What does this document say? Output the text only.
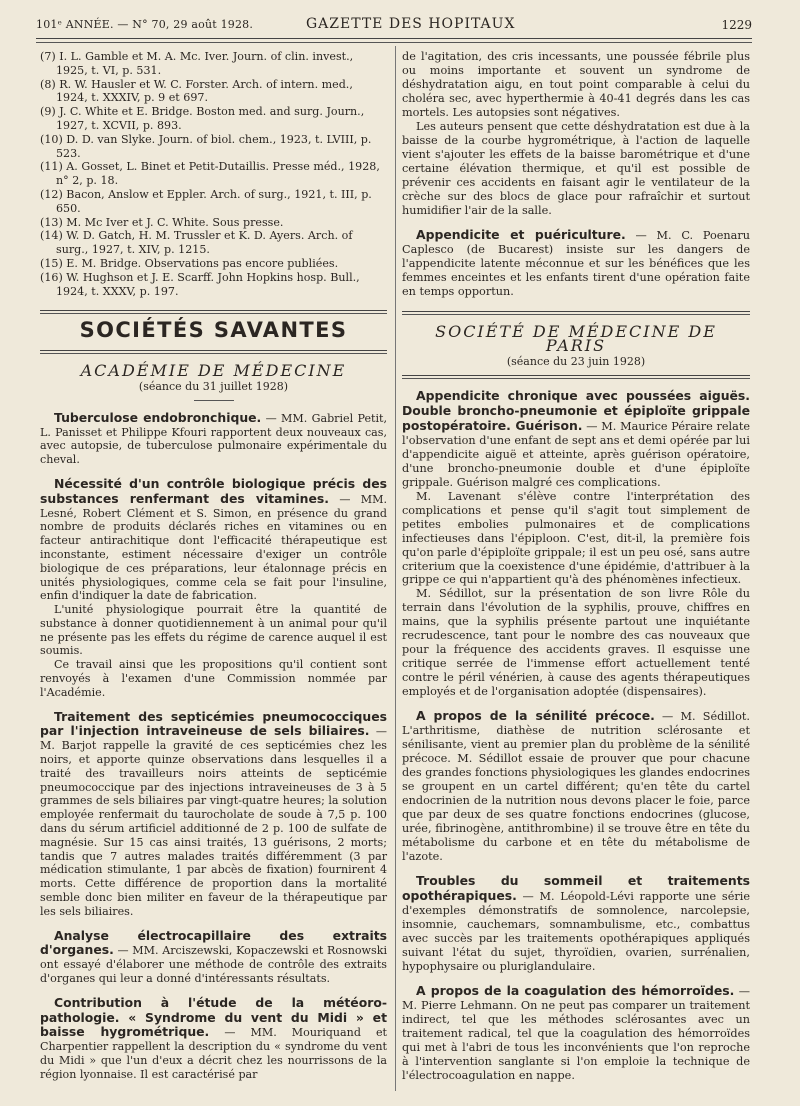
101ᵉ ANNÉE. — N° 70, 29 août 1928.	GAZETTE DES HOPITAUX	1229

(7) I. L. Gamble et M. A. Mc. Iver. Journ. of clin. invest., 1925, t. VI, p. 531.

(8) R. W. Hausler et W. C. Forster. Arch. of intern. med., 1924, t. XXXIV, p. 9 et 697.

(9) J. C. White et E. Bridge. Boston med. and surg. Journ., 1927, t. XCVII, p. 893.

(10) D. D. van Slyke. Journ. of biol. chem., 1923, t. LVIII, p. 523.

(11) A. Gosset, L. Binet et Petit-Dutaillis. Presse méd., 1928, n° 2, p. 18.

(12) Bacon, Anslow et Eppler. Arch. of surg., 1921, t. III, p. 650.

(13) M. Mc Iver et J. C. White. Sous presse.

(14) W. D. Gatch, H. M. Trussler et K. D. Ayers. Arch. of surg., 1927, t. XIV, p. 1215.

(15) E. M. Bridge. Observations pas encore publiées.

(16) W. Hughson et J. E. Scarff. John Hopkins hosp. Bull., 1924, t. XXXV, p. 197.

SOCIÉTÉS SAVANTES
ACADÉMIE DE MÉDECINE
(séance du 31 juillet 1928)

Tuberculose endobronchique. — MM. Gabriel Petit, L. Panisset et Philippe Kfouri rapportent deux nouveaux cas, avec autopsie, de tuberculose pulmonaire expérimentale du cheval.

Nécessité d'un contrôle biologique précis des substances renfermant des vitamines. — MM. Lesné, Robert Clément et S. Simon, en présence du grand nombre de produits déclarés riches en vitamines ou en facteur antirachitique dont l'efficacité thérapeutique est inconstante, estiment nécessaire d'exiger un contrôle biologique de ces préparations, leur étalonnage précis en unités physiologiques, comme cela se fait pour l'insuline, enfin d'indiquer la date de fabrication.

L'unité physiologique pourrait être la quantité de substance à donner quotidiennement à un animal pour qu'il ne présente pas les effets du régime de carence auquel il est soumis.

Ce travail ainsi que les propositions qu'il contient sont renvoyés à l'examen d'une Commission nommée par l'Académie.

Traitement des septicémies pneumococciques par l'injection intraveineuse de sels biliaires. — M. Barjot rappelle la gravité de ces septicémies chez les noirs, et apporte quinze observations dans lesquelles il a traité des travailleurs noirs atteints de septicémie pneumococcique par des injections intraveineuses de 3 à 5 grammes de sels biliaires par vingt-quatre heures; la solution employée renfermait du taurocholate de soude à 7,5 p. 100 dans du sérum artificiel additionné de 2 p. 100 de sulfate de magnésie. Sur 15 cas ainsi traités, 13 guérisons, 2 morts; tandis que 7 autres malades traités différemment (3 par médication stimulante, 1 par abcès de fixation) fournirent 4 morts. Cette différence de proportion dans la mortalité semble donc bien militer en faveur de la thérapeutique par les sels biliaires.

Analyse électrocapillaire des extraits d'organes. — MM. Arciszewski, Kopaczewski et Rosnowski ont essayé d'élaborer une méthode de contrôle des extraits d'organes qui leur a donné d'intéressants résultats.

Contribution à l'étude de la météoro-pathologie. « Syndrome du vent du Midi » et baisse hygrométrique. — MM. Mouriquand et Charpentier rappellent la description du « syndrome du vent du Midi » que l'un d'eux a décrit chez les nourrissons de la région lyonnaise. Il est caractérisé par

de l'agitation, des cris incessants, une poussée fébrile plus ou moins importante et souvent un syndrome de déshydratation aigu, en tout point comparable à celui du choléra sec, avec hyperthermie à 40-41 degrés dans les cas mortels. Les autopsies sont négatives.

Les auteurs pensent que cette déshydratation est due à la baisse de la courbe hygrométrique, à l'action de laquelle vient s'ajouter les effets de la baisse barométrique et d'une certaine élévation thermique, et qu'il est possible de prévenir ces accidents en faisant agir le ventilateur de la crèche sur des blocs de glace pour rafraîchir et surtout humidifier l'air de la salle.

Appendicite et puériculture. — M. C. Poenaru Caplesco (de Bucarest) insiste sur les dangers de l'appendicite latente méconnue et sur les bénéfices que les femmes enceintes et les enfants tirent d'une opération faite en temps opportun.

SOCIÉTÉ DE MÉDECINE DE PARIS
(séance du 23 juin 1928)

Appendicite chronique avec poussées aiguës. Double broncho-pneumonie et épiploïte grippale postopératoire. Guérison. — M. Maurice Péraire relate l'observation d'une enfant de sept ans et demi opérée par lui d'appendicite aiguë et atteinte, après guérison opératoire, d'une broncho-pneumonie double et d'une épiploïte grippale. Guérison malgré ces complications.

M. Lavenant s'élève contre l'interprétation des complications et pense qu'il s'agit tout simplement de petites embolies pulmonaires et de complications infectieuses dans l'épiploon. C'est, dit-il, la première fois qu'on parle d'épiploïte grippale; il est un peu osé, sans autre criterium que la coexistence d'une épidémie, d'attribuer à la grippe ce qui n'appartient qu'à des phénomènes infectieux.

M. Sédillot, sur la présentation de son livre Rôle du terrain dans l'évolution de la syphilis, prouve, chiffres en mains, que la syphilis présente partout une inquiétante recrudescence, tant pour le nombre des cas nouveaux que pour la fréquence des accidents graves. Il esquisse une critique serrée de l'immense effort actuellement tenté contre le péril vénérien, à cause des agents thérapeutiques employés et de l'organisation adoptée (dispensaires).

A propos de la sénilité précoce. — M. Sédillot. L'arthritisme, diathèse de nutrition sclérosante et sénilisante, vient au premier plan du problème de la sénilité précoce. M. Sédillot essaie de prouver que pour chacune des grandes fonctions physiologiques les glandes endocrines se groupent en un cartel différent; qu'en tête du cartel endocrinien de la nutrition nous devons placer le foie, parce que par deux de ses quatre fonctions endocrines (glucose, urée, fibrinogène, antithrombine) il se trouve être en tête du métabolisme du carbone et en tête du métabolisme de l'azote.

Troubles du sommeil et traitements opothérapiques. — M. Léopold-Lévi rapporte une série d'exemples démonstratifs de somnolence, narcolepsie, insomnie, cauchemars, somnambulisme, etc., combattus avec succès par les traitements opothérapiques appliqués suivant l'état du sujet, thyroïdien, ovarien, surrénalien, hypophysaire ou pluriglandulaire.

A propos de la coagulation des hémorroïdes. — M. Pierre Lehmann. On ne peut pas comparer un traitement indirect, tel que les méthodes sclérosantes avec un traitement radical, tel que la coagulation des hémorroïdes qui met à l'abri de tous les inconvénients que l'on reproche à l'intervention sanglante si l'on emploie la technique de l'électrocoagulation en nappe.
